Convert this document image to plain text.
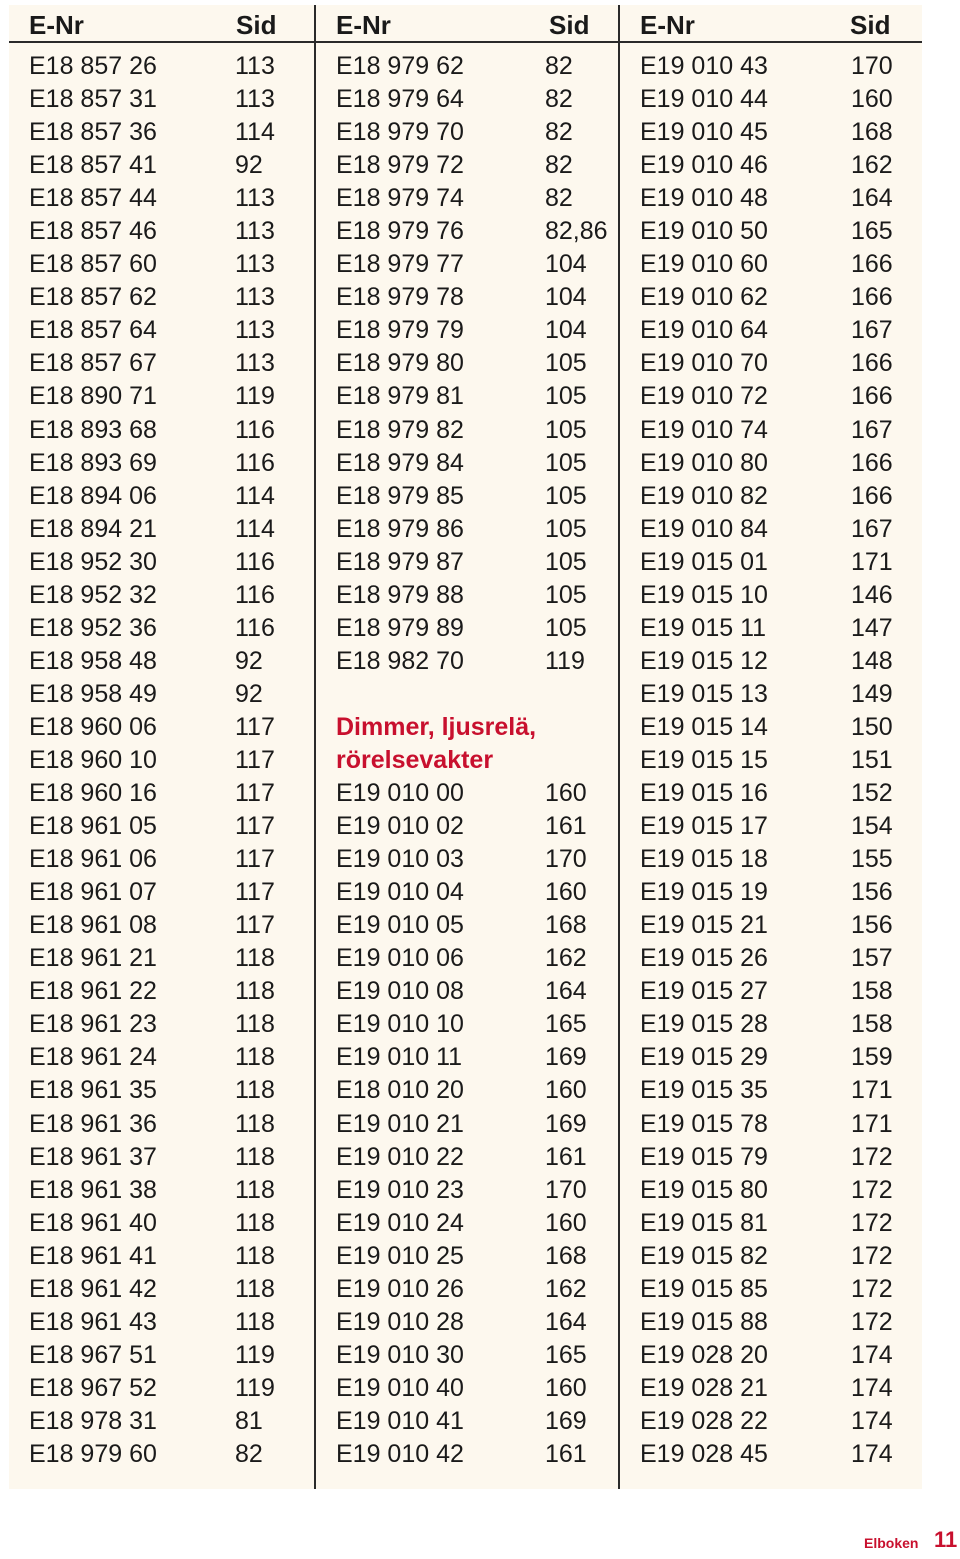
E-Nr	Sid
E18 857 26	113
E18 857 31	113
E18 857 36	114
E18 857 41	92
E18 857 44	113
E18 857 46	113
E18 857 60	113
E18 857 62	113
E18 857 64	113
E18 857 67	113
E18 890 71	119
E18 893 68	116
E18 893 69	116
E18 894 06	114
E18 894 21	114
E18 952 30	116
E18 952 32	116
E18 952 36	116
E18 958 48	92
E18 958 49	92
E18 960 06	117
E18 960 10	117
E18 960 16	117
E18 961 05	117
E18 961 06	117
E18 961 07	117
E18 961 08	117
E18 961 21	118
E18 961 22	118
E18 961 23	118
E18 961 24	118
E18 961 35	118
E18 961 36	118
E18 961 37	118
E18 961 38	118
E18 961 40	118
E18 961 41	118
E18 961 42	118
E18 961 43	118
E18 967 51	119
E18 967 52	119
E18 978 31	81
E18 979 60	82
E-Nr	Sid
E18 979 62	82
E18 979 64	82
E18 979 70	82
E18 979 72	82
E18 979 74	82
E18 979 76	82,86
E18 979 77	104
E18 979 78	104
E18 979 79	104
E18 979 80	105
E18 979 81	105
E18 979 82	105
E18 979 84	105
E18 979 85	105
E18 979 86	105
E18 979 87	105
E18 979 88	105
E18 979 89	105
E18 982 70	119
Dimmer, ljusrelä,
rörelsevakter
E19 010 00	160
E19 010 02	161
E19 010 03	170
E19 010 04	160
E19 010 05	168
E19 010 06	162
E19 010 08	164
E19 010 10	165
E19 010 11	169
E18 010 20	160
E19 010 21	169
E19 010 22	161
E19 010 23	170
E19 010 24	160
E19 010 25	168
E19 010 26	162
E19 010 28	164
E19 010 30	165
E19 010 40	160
E19 010 41	169
E19 010 42	161
E-Nr	Sid
E19 010 43	170
E19 010 44	160
E19 010 45	168
E19 010 46	162
E19 010 48	164
E19 010 50	165
E19 010 60	166
E19 010 62	166
E19 010 64	167
E19 010 70	166
E19 010 72	166
E19 010 74	167
E19 010 80	166
E19 010 82	166
E19 010 84	167
E19 015 01	171
E19 015 10	146
E19 015 11	147
E19 015 12	148
E19 015 13	149
E19 015 14	150
E19 015 15	151
E19 015 16	152
E19 015 17	154
E19 015 18	155
E19 015 19	156
E19 015 21	156
E19 015 26	157
E19 015 27	158
E19 015 28	158
E19 015 29	159
E19 015 35	171
E19 015 78	171
E19 015 79	172
E19 015 80	172
E19 015 81	172
E19 015 82	172
E19 015 85	172
E19 015 88	172
E19 028 20	174
E19 028 21	174
E19 028 22	174
E19 028 45	174
Elboken 11
